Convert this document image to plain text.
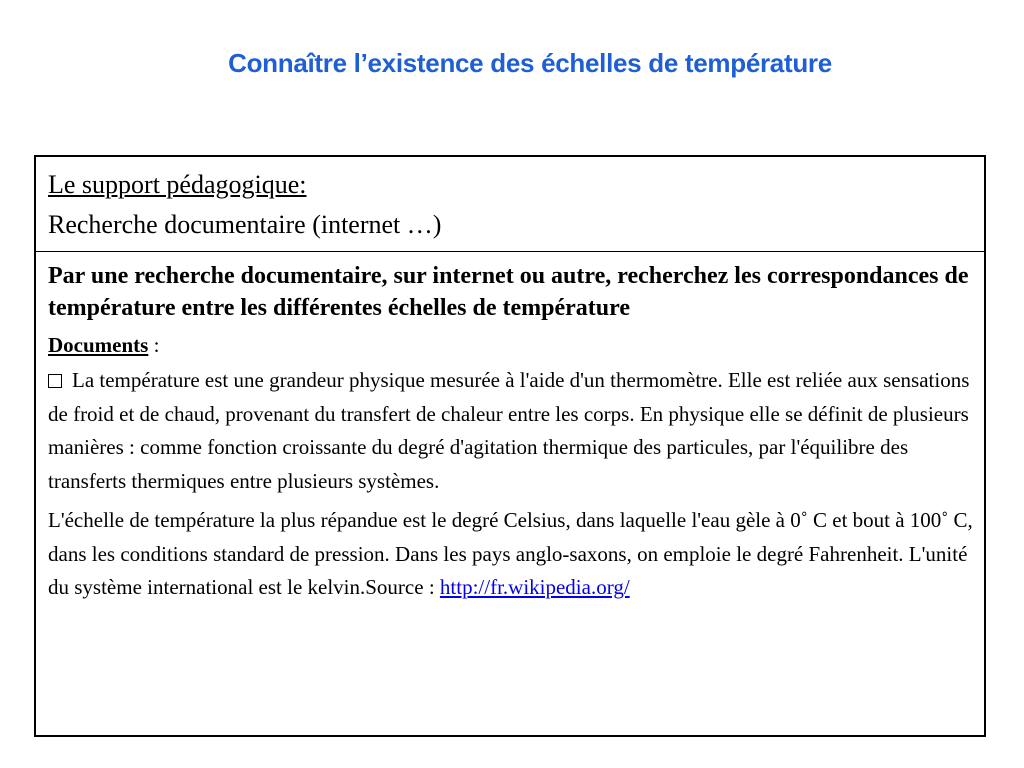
Connaître l’existence des échelles de température
Le support pédagogique:
Recherche documentaire (internet …)

Par une recherche documentaire, sur internet ou autre, recherchez les correspondances de température entre les différentes échelles de température

Documents :

La température est une grandeur physique mesurée à l'aide d'un thermomètre. Elle est reliée aux sensations de froid et de chaud, provenant du transfert de chaleur entre les corps. En physique elle se définit de plusieurs manières : comme fonction croissante du degré d'agitation thermique des particules, par l'équilibre des transferts thermiques entre plusieurs systèmes.

L'échelle de température la plus répandue est le degré Celsius, dans laquelle l'eau gèle à 0˚ C et bout à 100˚ C, dans les conditions standard de pression. Dans les pays anglo-saxons, on emploie le degré Fahrenheit. L'unité du système international est le kelvin.Source : http://fr.wikipedia.org/
